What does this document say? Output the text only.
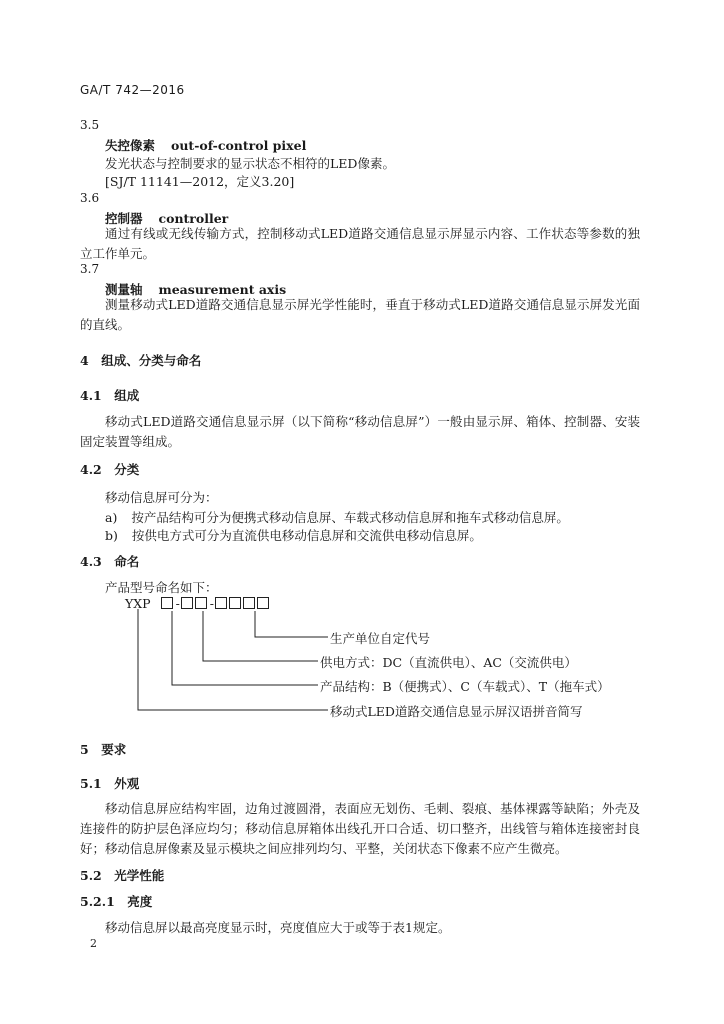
GA/T 742—2016
3.5
失控像素 out-of-control pixel
发光状态与控制要求的显示状态不相符的LED像素。
[SJ/T 11141—2012，定义3.20]
3.6
控制器 controller
通过有线或无线传输方式，控制移动式LED道路交通信息显示屏显示内容、工作状态等参数的独立工作单元。
3.7
测量轴 measurement axis
测量移动式LED道路交通信息显示屏光学性能时，垂直于移动式LED道路交通信息显示屏发光面的直线。
4　组成、分类与命名
4.1　组成
移动式LED道路交通信息显示屏（以下简称“移动信息屏”）一般由显示屏、箱体、控制器、安装固定装置等组成。
4.2　分类
移动信息屏可分为：
a) 按产品结构可分为便携式移动信息屏、车载式移动信息屏和拖车式移动信息屏。
b) 按供电方式可分为直流供电移动信息屏和交流供电移动信息屏。
4.3　命名
产品型号命名如下：
YXP - -
生产单位自定代号
供电方式：DC（直流供电）、AC（交流供电）
产品结构：B（便携式）、C（车载式）、T（拖车式）
移动式LED道路交通信息显示屏汉语拼音简写
5　要求
5.1　外观
移动信息屏应结构牢固，边角过渡圆滑，表面应无划伤、毛刺、裂痕、基体裸露等缺陷；外壳及连接件的防护层色泽应均匀；移动信息屏箱体出线孔开口合适、切口整齐，出线管与箱体连接密封良好；移动信息屏像素及显示模块之间应排列均匀、平整，关闭状态下像素不应产生微亮。
5.2　光学性能
5.2.1　亮度
移动信息屏以最高亮度显示时，亮度值应大于或等于表1规定。
2
